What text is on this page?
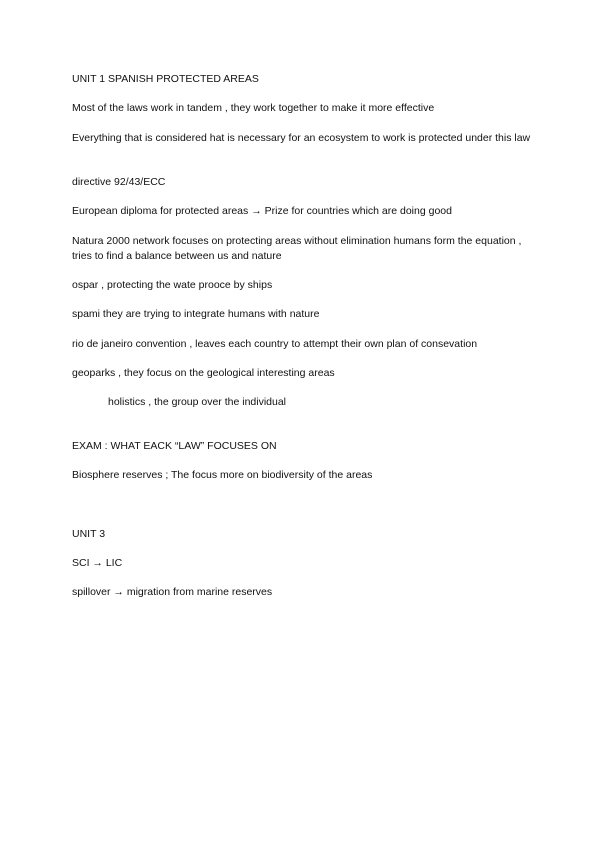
UNIT 1 SPANISH PROTECTED AREAS
Most of the laws work in tandem , they work together to make it more effective
Everything that is considered hat is necessary for an ecosystem to work is protected under this law
directive 92/43/ECC
European diploma for protected areas → Prize for countries which are doing good
Natura 2000 network focuses on protecting areas without elimination humans form the equation , tries to find a balance between us and nature
ospar , protecting the wate prooce by ships
spami they are trying to integrate humans with nature
rio de janeiro convention , leaves each country to attempt their own plan of consevation
geoparks , they focus on the geological interesting areas
holistics , the group over the individual
EXAM : WHAT EACK “LAW” FOCUSES ON
Biosphere reserves ; The focus more on biodiversity of the areas
UNIT 3
SCI → LIC
spillover → migration from marine reserves
